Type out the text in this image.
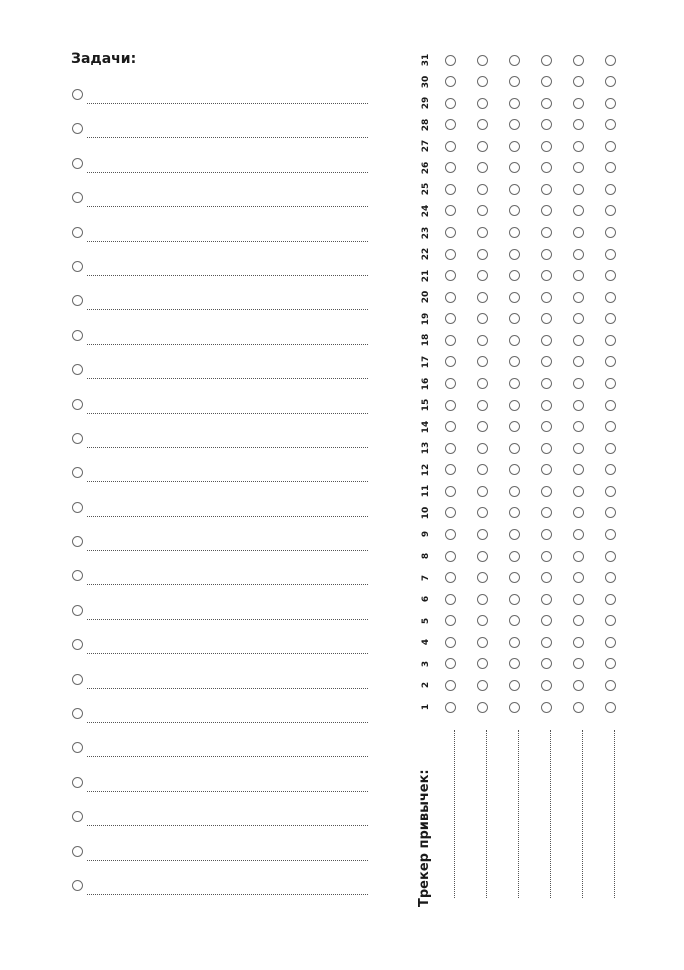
Задачи:
Трекер привычек:
1
2
3
4
5
6
7
8
9
10
11
12
13
14
15
16
17
18
19
20
21
22
23
24
25
26
27
28
29
30
31
